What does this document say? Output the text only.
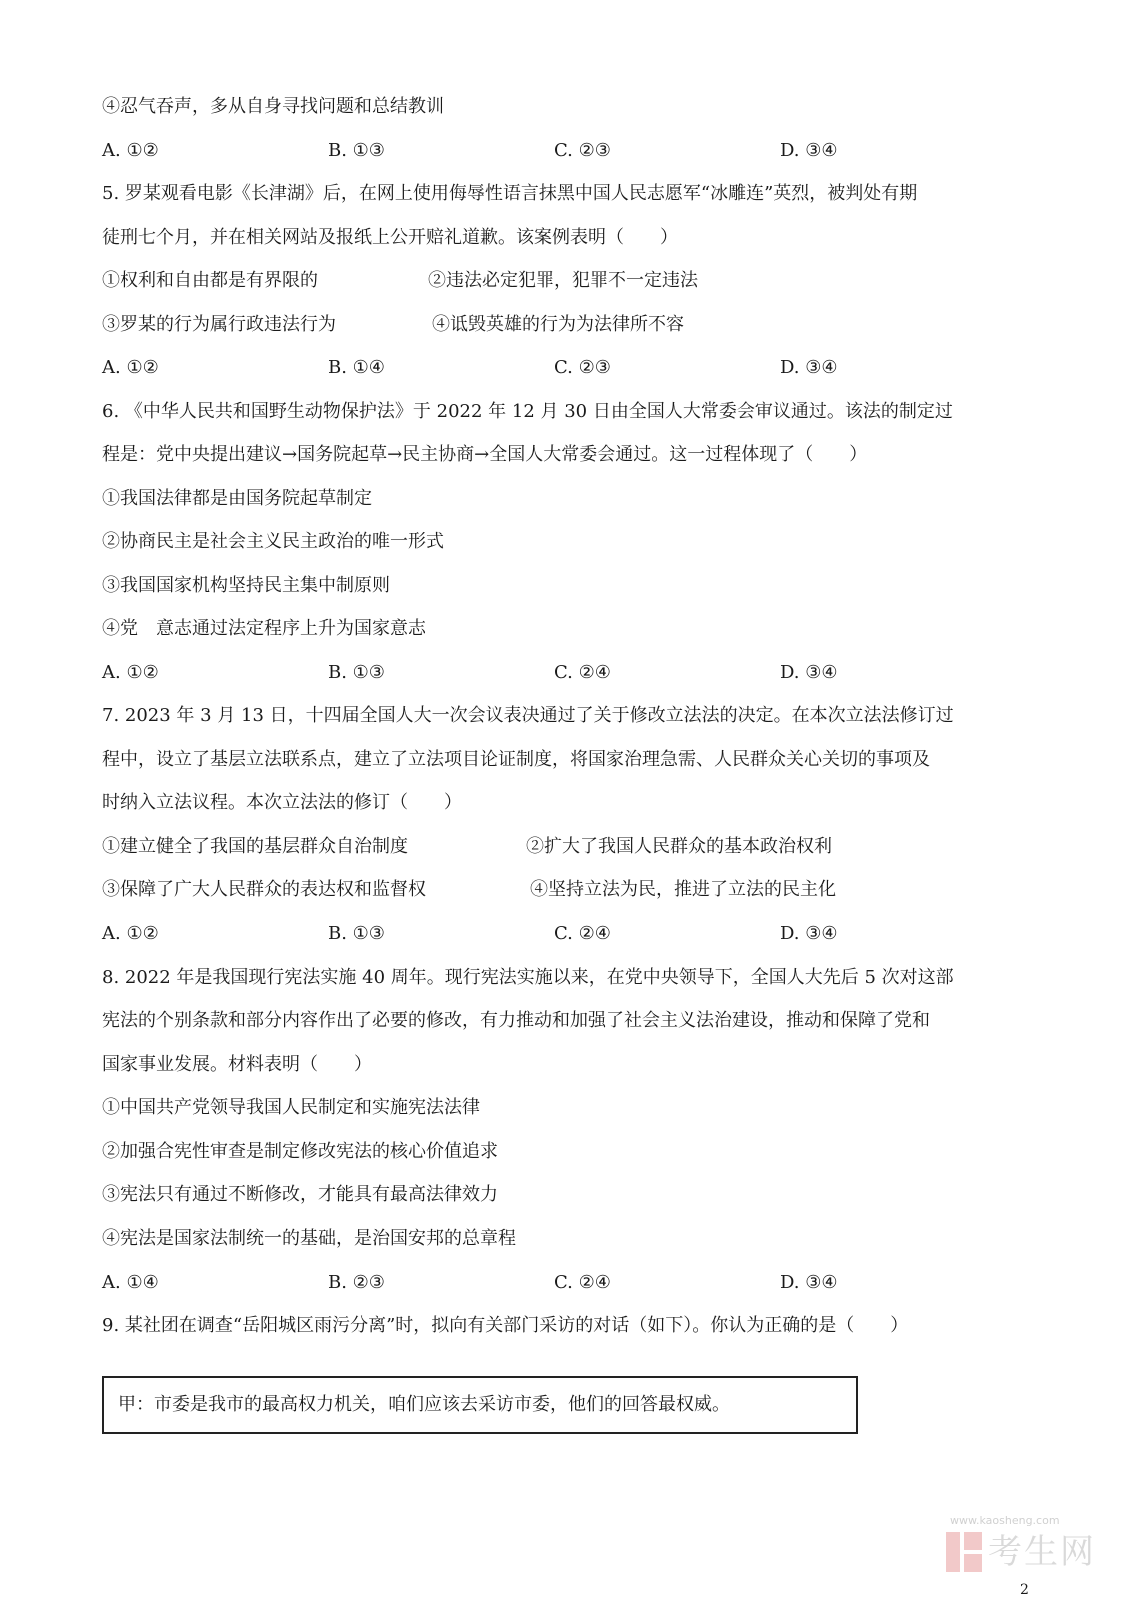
④忍气吞声，多从自身寻找问题和总结教训
A. ①②	B. ①③	C. ②③	D. ③④
5. 罗某观看电影《长津湖》后，在网上使用侮辱性语言抹黑中国人民志愿军“冰雕连”英烈，被判处有期
徒刑七个月，并在相关网站及报纸上公开赔礼道歉。该案例表明（　　）
①权利和自由都是有界限的	②违法必定犯罪，犯罪不一定违法
③罗某的行为属行政违法行为	④诋毁英雄的行为为法律所不容
A. ①②	B. ①④	C. ②③	D. ③④
6. 《中华人民共和国野生动物保护法》于 2022 年 12 月 30 日由全国人大常委会审议通过。该法的制定过
程是：党中央提出建议→国务院起草→民主协商→全国人大常委会通过。这一过程体现了（　　）
①我国法律都是由国务院起草制定
②协商民主是社会主义民主政治的唯一形式
③我国国家机构坚持民主集中制原则
④党　意志通过法定程序上升为国家意志
A. ①②	B. ①③	C. ②④	D. ③④
7. 2023 年 3 月 13 日，十四届全国人大一次会议表决通过了关于修改立法法的决定。在本次立法法修订过
程中，设立了基层立法联系点，建立了立法项目论证制度，将国家治理急需、人民群众关心关切的事项及
时纳入立法议程。本次立法法的修订（　　）
①建立健全了我国的基层群众自治制度	②扩大了我国人民群众的基本政治权利
③保障了广大人民群众的表达权和监督权	④坚持立法为民，推进了立法的民主化
A. ①②	B. ①③	C. ②④	D. ③④
8. 2022 年是我国现行宪法实施 40 周年。现行宪法实施以来，在党中央领导下，全国人大先后 5 次对这部
宪法的个别条款和部分内容作出了必要的修改，有力推动和加强了社会主义法治建设，推动和保障了党和
国家事业发展。材料表明（　　）
①中国共产党领导我国人民制定和实施宪法法律
②加强合宪性审查是制定修改宪法的核心价值追求
③宪法只有通过不断修改，才能具有最高法律效力
④宪法是国家法制统一的基础，是治国安邦的总章程
A. ①④	B. ②③	C. ②④	D. ③④
9. 某社团在调查“岳阳城区雨污分离”时，拟向有关部门采访的对话（如下）。你认为正确的是（　　）
甲：市委是我市的最高权力机关，咱们应该去采访市委，他们的回答最权威。
www.kaosheng.com
考生网
2
